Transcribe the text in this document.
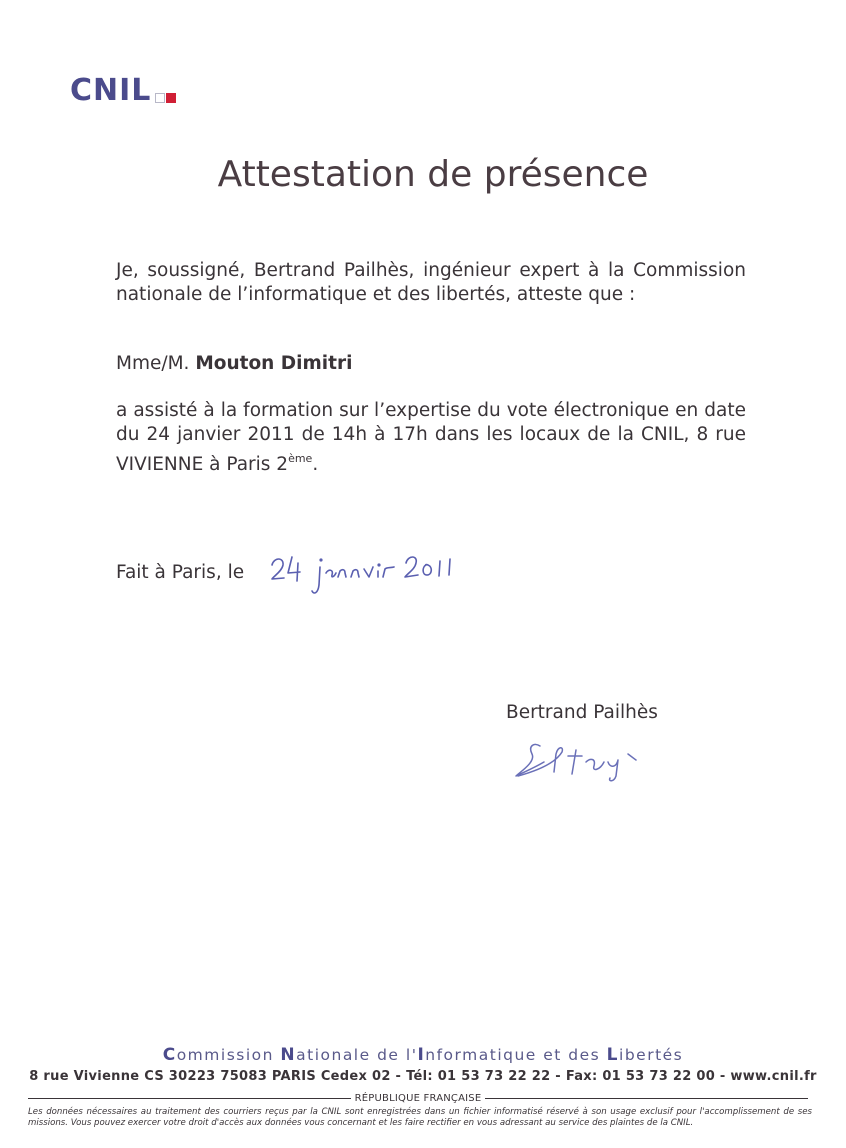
CNIL
Attestation de présence
Je, soussigné, Bertrand Pailhès, ingénieur expert à la Commission nationale de l’informatique et des libertés, atteste que :
Mme/M. Mouton Dimitri
a assisté à la formation sur l’expertise du vote électronique en date du 24 janvier 2011 de 14h à 17h dans les locaux de la CNIL, 8 rue VIVIENNE à Paris 2ème.
Fait à Paris, le
Bertrand Pailhès
Commission Nationale de l'Informatique et des Libertés
8 rue Vivienne CS 30223 75083 PARIS Cedex 02 - Tél: 01 53 73 22 22 - Fax: 01 53 73 22 00 - www.cnil.fr
RÉPUBLIQUE FRANÇAISE
Les données nécessaires au traitement des courriers reçus par la CNIL sont enregistrées dans un fichier informatisé réservé à son usage exclusif pour l'accomplissement de ses missions. Vous pouvez exercer votre droit d'accès aux données vous concernant et les faire rectifier en vous adressant au service des plaintes de la CNIL.
